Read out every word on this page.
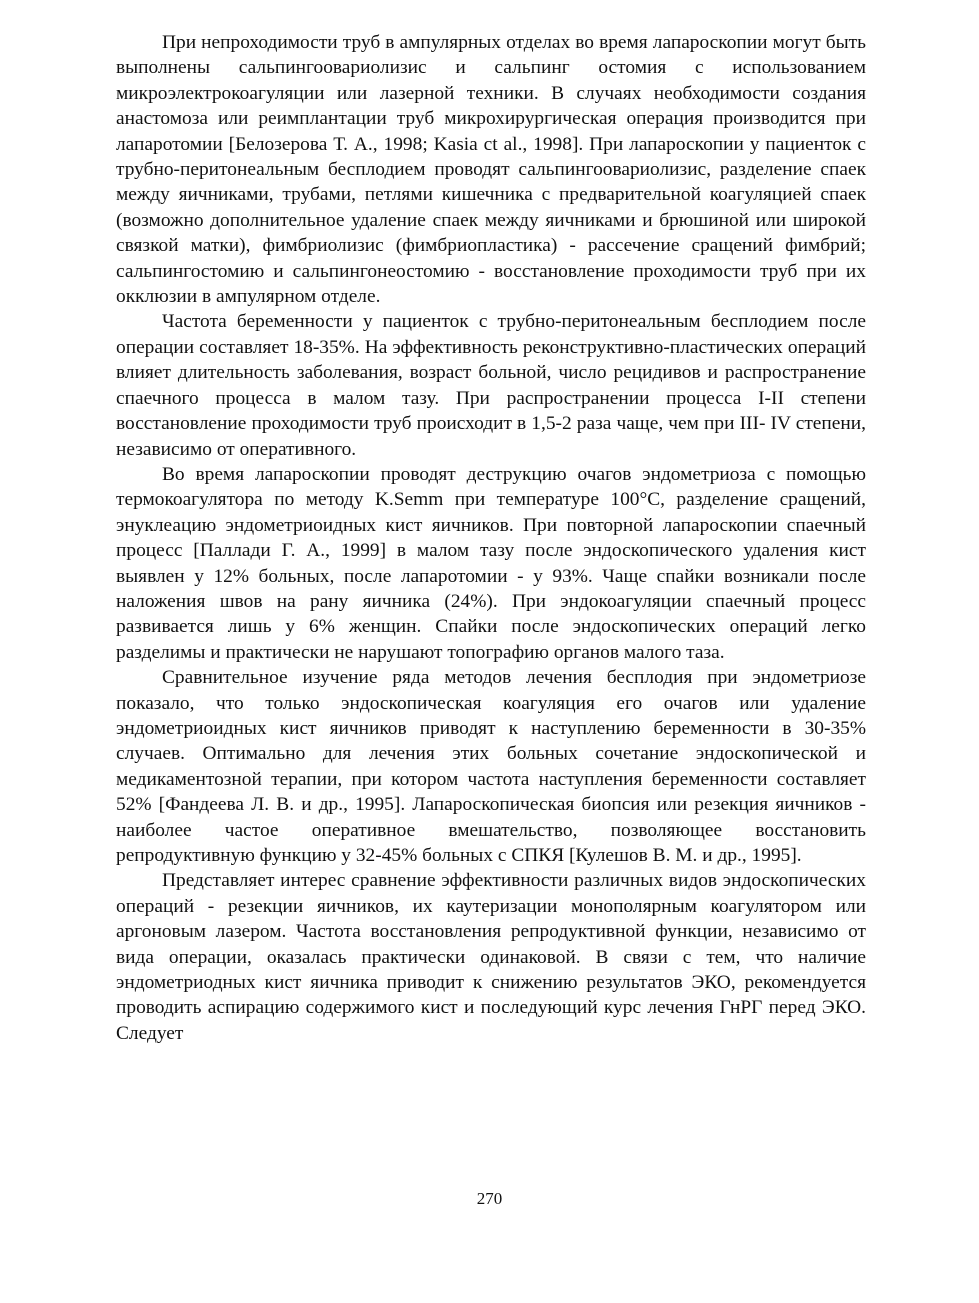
При непроходимости труб в ампулярных отделах во время лапароскопии могут быть выполнены сальпингоовариолизис и сальпинг остомия с использованием микроэлектрокоагуляции или лазерной техники. В случаях необходимости создания анастомоза или реимплантации труб микрохирургическая операция производится при лапаротомии [Белозерова Т. А., 1998; Kasia ct al., 1998]. При лапароскопии у пациенток с трубно-перитонеальным бесплодием проводят сальпингоовариолизис, разделение спаек между яичниками, трубами, петлями кишечника с предварительной коагуляцией спаек (возможно дополнительное удаление спаек между яичниками и брюшиной или широкой связкой матки), фимбриолизис (фимбриопластика) - рассечение сращений фимбрий; сальпингостомию и сальпингонеостомию - восстановление проходимости труб при их окклюзии в ампулярном отделе.

Частота беременности у пациенток с трубно-перитонеальным бесплодием после операции составляет 18-35%. На эффективность реконструктивно-пластических операций влияет длительность заболевания, возраст больной, число рецидивов и распространение спаечного процесса в малом тазу. При распространении процесса I-II степени восстановление проходимости труб происходит в 1,5-2 раза чаще, чем при III- IV степени, независимо от оперативного.

Во время лапароскопии проводят деструкцию очагов эндометриоза с помощью термокоагулятора по методу K.Semm при температуре 100°С, разделение сращений, энуклеацию эндометриоидных кист яичников. При повторной лапароскопии спаечный процесс [Паллади Г. А., 1999] в малом тазу после эндоскопического удаления кист выявлен у 12% больных, после лапаротомии - у 93%. Чаще спайки возникали после наложения швов на рану яичника (24%). При эндокоагуляции спаечный процесс развивается лишь у 6% женщин. Спайки после эндоскопических операций легко разделимы и практически не нарушают топографию органов малого таза.

Сравнительное изучение ряда методов лечения бесплодия при эндометриозе показало, что только эндоскопическая коагуляция его очагов или удаление эндометриоидных кист яичников приводят к наступлению беременности в 30-35% случаев. Оптимально для лечения этих больных сочетание эндоскопической и медикаментозной терапии, при котором частота наступления беременности составляет 52% [Фандеева Л. В. и др., 1995]. Лапароскопическая биопсия или резекция яичников - наиболее частое оперативное вмешательство, позволяющее восстановить репродуктивную функцию у 32-45% больных с СПКЯ [Кулешов В. М. и др., 1995].

Представляет интерес сравнение эффективности различных видов эндоскопических операций - резекции яичников, их каутеризации монополярным коагулятором или аргоновым лазером. Частота восстановления репродуктивной функции, независимо от вида операции, оказалась практически одинаковой. В связи с тем, что наличие эндометриодных кист яичника приводит к снижению результатов ЭКО, рекомендуется проводить аспирацию содержимого кист и последующий курс лечения ГнРГ перед ЭКО. Следует

270
